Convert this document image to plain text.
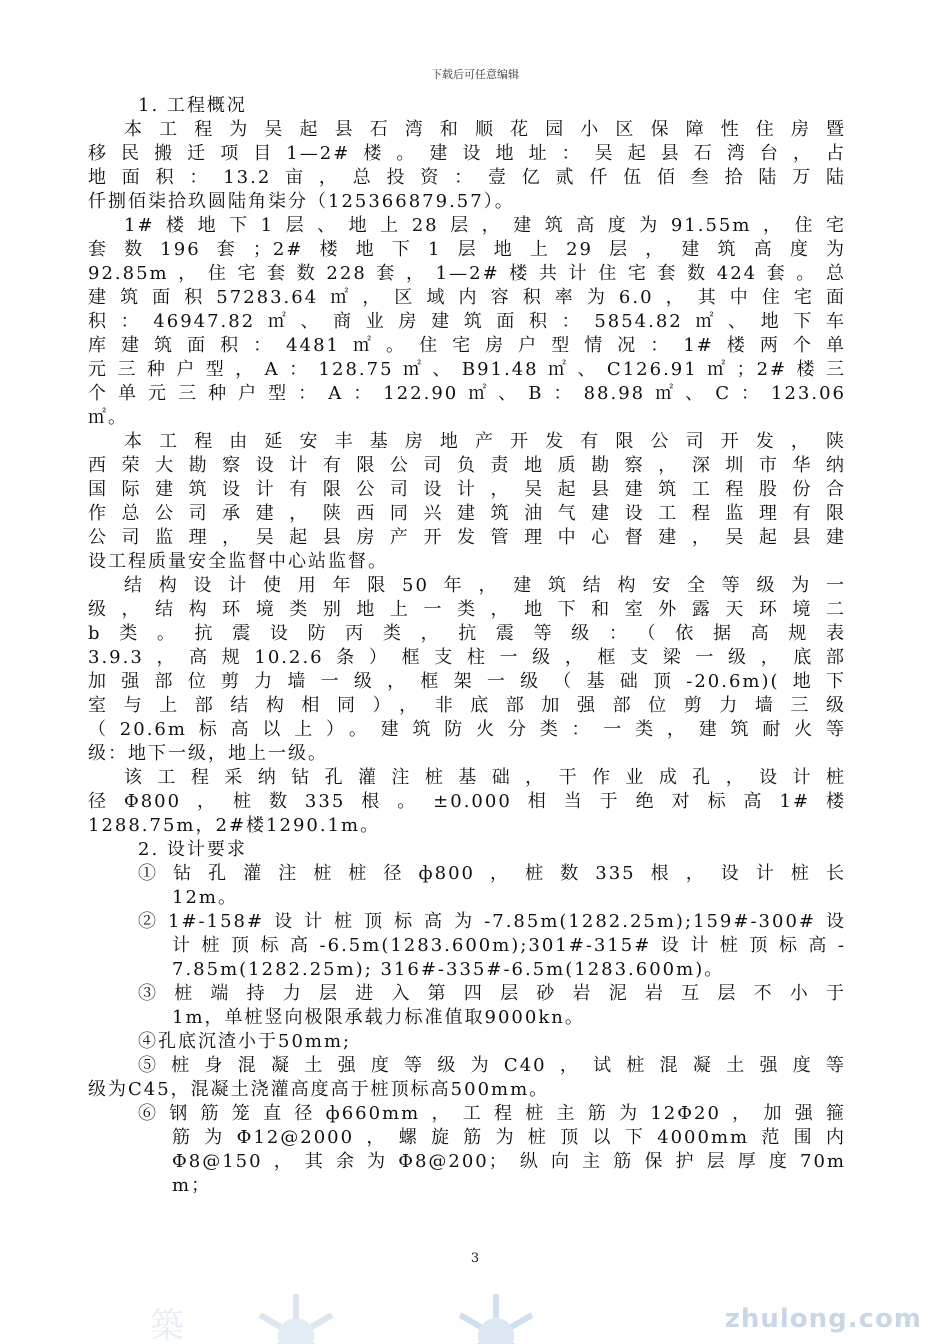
下载后可任意编辑
1. 工程概况
本工程为吴起县石湾和顺花园小区保障性住房暨
移民搬迁项目1—2#楼。建设地址：吴起县石湾台，占
地面积：13.2亩，总投资：壹亿贰仟伍佰叁拾陆万陆
仟捌佰柒拾玖圆陆角柒分（125366879.57）。
1#楼地下1层、地上28层，建筑高度为91.55m，住宅
套数196套；2#楼地下1层地上29层，建筑高度为
92.85m，住宅套数228套，1—2#楼共计住宅套数424套。总
建筑面积57283.64㎡，区域内容积率为6.0，其中住宅面
积：46947.82㎡、商业房建筑面积：5854.82㎡、地下车
库建筑面积：4481㎡。住宅房户型情况：1#楼两个单
元三种户型，A：128.75㎡、B91.48㎡、C126.91㎡；2#楼三
个单元三种户型：A：122.90㎡、B：88.98㎡、C：123.06
㎡。
本工程由延安丰基房地产开发有限公司开发，陕
西荣大勘察设计有限公司负责地质勘察，深圳市华纳
国际建筑设计有限公司设计，吴起县建筑工程股份合
作总公司承建，陕西同兴建筑油气建设工程监理有限
公司监理，吴起县房产开发管理中心督建，吴起县建
设工程质量安全监督中心站监督。
结构设计使用年限50年，建筑结构安全等级为一
级，结构环境类别地上一类，地下和室外露天环境二
b类。抗震设防丙类，抗震等级：（依据高规表
3.9.3，高规10.2.6条）框支柱一级，框支梁一级，底部
加强部位剪力墙一级，框架一级（基础顶-20.6m)(地下
室与上部结构相同），非底部加强部位剪力墙三级
（20.6m标高以上）。建筑防火分类：一类，建筑耐火等
级：地下一级，地上一级。
该工程采纳钻孔灌注桩基础，干作业成孔，设计桩
径Φ800，桩数335根。±0.000相当于绝对标高1#楼
1288.75m，2#楼1290.1m。
2. 设计要求
①钻孔灌注桩桩径ф800，桩数335根，设计桩长
12m。
②1#-158#设计桩顶标高为-7.85m(1282.25m);159#-300#设
计桩顶标高-6.5m(1283.600m);301#-315#设计桩顶标高-
7.85m(1282.25m); 316#-335#-6.5m(1283.600m)。
③桩端持力层进入第四层砂岩泥岩互层不小于
1m，单桩竖向极限承载力标准值取9000kn。
④孔底沉渣小于50mm;
⑤桩身混凝土强度等级为C40，试桩混凝土强度等
级为C45，混凝土浇灌高度高于桩顶标高500mm。
⑥钢筋笼直径ф660mm，工程桩主筋为12Φ20，加强箍
筋为Φ12@2000，螺旋筋为桩顶以下4000mm范围内
Φ8@150，其余为Φ8@200；纵向主筋保护层厚度70m
m；
3
築	zhulong.com
